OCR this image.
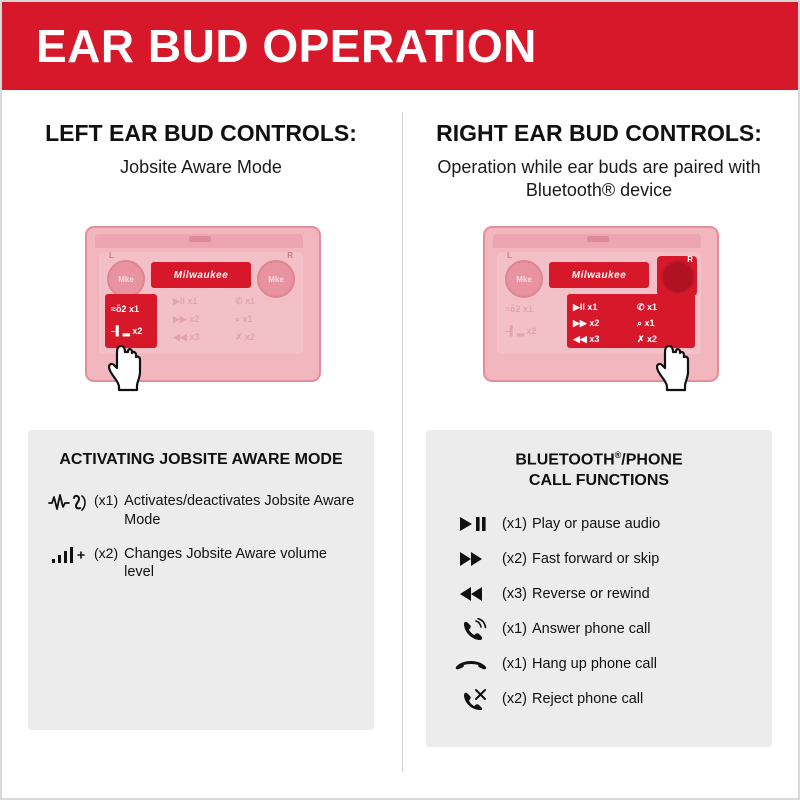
EAR BUD OPERATION
LEFT EAR BUD CONTROLS:
Jobsite Aware Mode
L	R
Mke	Mke
Milwaukee
≈ὄ2 x1
–▍▂ x2
▶II x1
▶▶ x2
◀◀ x3
✆ x1
⌕ x1
✗ x2
ACTIVATING JOBSITE AWARE MODE
(x1) Activates/deactivates Jobsite Aware Mode
(x2) Changes Jobsite Aware volume level
RIGHT EAR BUD CONTROLS:
Operation while ear buds are paired with Bluetooth® device
L
Mke
R
Milwaukee
≈ὄ2 x1
–▍▂ x2
▶II x1
▶▶ x2
◀◀ x3
✆ x1
⌕ x1
✗ x2
BLUETOOTH®/PHONE
CALL FUNCTIONS
(x1) Play or pause audio
(x2) Fast forward or skip
(x3) Reverse or rewind
(x1) Answer phone call
(x1) Hang up phone call
(x2) Reject phone call
